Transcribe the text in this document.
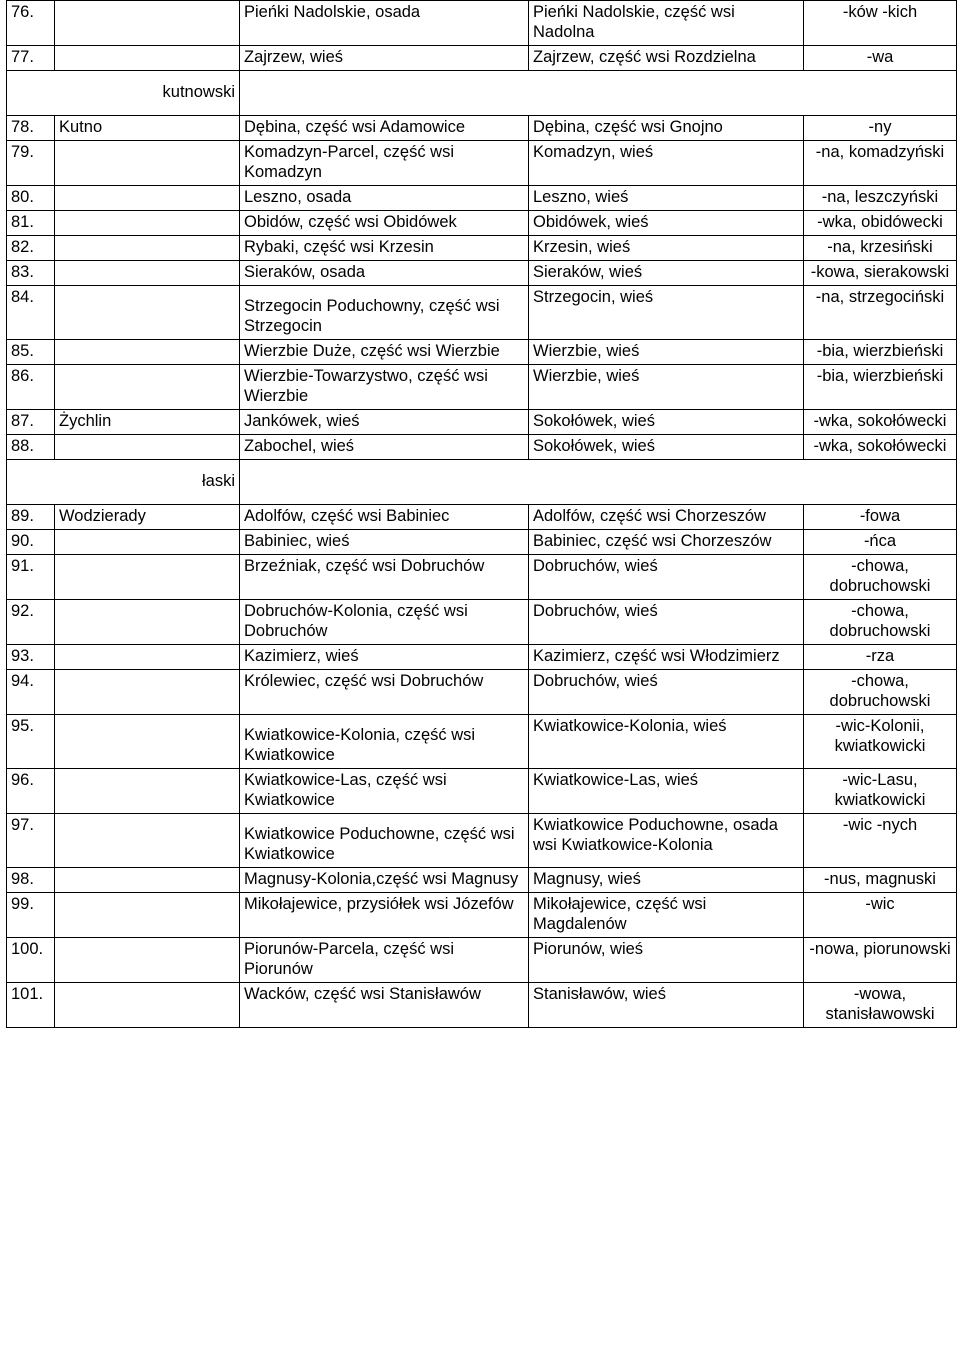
76.		Pieńki Nadolskie, osada	Pieńki Nadolskie, część wsi Nadolna	-ków -kich
77.		Zajrzew, wieś	Zajrzew, część wsi Rozdzielna	-wa
kutnowski				
78.	Kutno	Dębina, część wsi Adamowice	Dębina, część wsi Gnojno	-ny
79.		Komadzyn-Parcel, część wsi Komadzyn	Komadzyn, wieś	-na, komadzyński
80.		Leszno, osada	Leszno, wieś	-na, leszczyński
81.		Obidów, część wsi Obidówek	Obidówek, wieś	-wka, obidówecki
82.		Rybaki, część wsi Krzesin	Krzesin, wieś	-na, krzesiński
83.		Sieraków, osada	Sieraków, wieś	-kowa, sierakowski
84.		Strzegocin Poduchowny, część wsi Strzegocin	Strzegocin, wieś	-na, strzegociński
85.		Wierzbie Duże, część wsi Wierzbie	Wierzbie, wieś	-bia, wierzbieński
86.		Wierzbie-Towarzystwo, część wsi Wierzbie	Wierzbie, wieś	-bia, wierzbieński
87.	Żychlin	Jankówek, wieś	Sokołówek, wieś	-wka, sokołówecki
88.		Zabochel, wieś	Sokołówek, wieś	-wka, sokołówecki
łaski				
89.	Wodzierady	Adolfów, część wsi Babiniec	Adolfów, część wsi Chorzeszów	-fowa
90.		Babiniec, wieś	Babiniec, część wsi Chorzeszów	-ńca
91.		Brzeźniak, część wsi Dobruchów	Dobruchów, wieś	-chowa, dobruchowski
92.		Dobruchów-Kolonia, część wsi Dobruchów	Dobruchów, wieś	-chowa, dobruchowski
93.		Kazimierz, wieś	Kazimierz, część wsi Włodzimierz	-rza
94.		Królewiec, część wsi Dobruchów	Dobruchów, wieś	-chowa, dobruchowski
95.		Kwiatkowice-Kolonia, część wsi Kwiatkowice	Kwiatkowice-Kolonia, wieś	-wic-Kolonii, kwiatkowicki
96.		Kwiatkowice-Las, część wsi Kwiatkowice	Kwiatkowice-Las, wieś	-wic-Lasu, kwiatkowicki
97.		Kwiatkowice Poduchowne, część wsi Kwiatkowice	Kwiatkowice Poduchowne, osada wsi Kwiatkowice-Kolonia	-wic -nych
98.		Magnusy-Kolonia,część wsi Magnusy	Magnusy, wieś	-nus, magnuski
99.		Mikołajewice, przysiółek wsi Józefów	Mikołajewice, część wsi Magdalenów	-wic
100.		Piorunów-Parcela, część wsi Piorunów	Piorunów, wieś	-nowa, piorunowski
101.		Wacków, część wsi Stanisławów	Stanisławów, wieś	-wowa, stanisławowski
